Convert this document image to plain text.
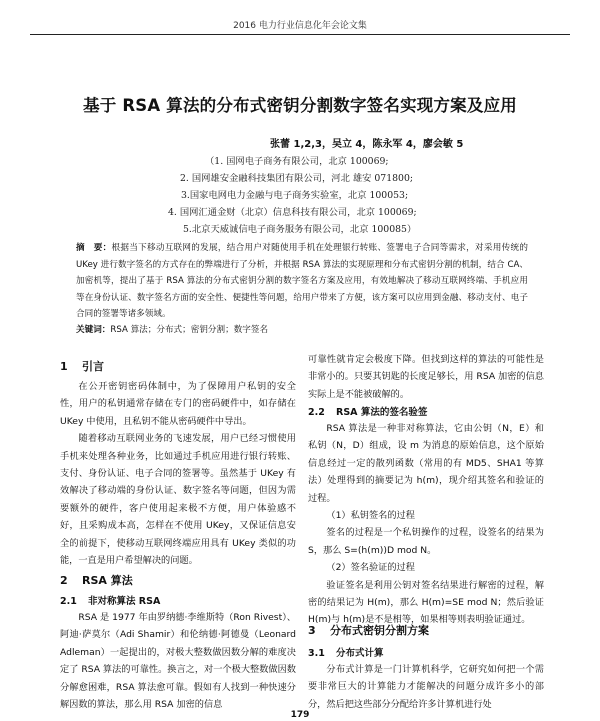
2016 电力行业信息化年会论文集
基于 RSA 算法的分布式密钥分割数字签名实现方案及应用
张蕾 1,2,3，吴立 4，陈永军 4，廖会敏 5
（1. 国网电子商务有限公司，北京 100069;
2. 国网雄安金融科技集团有限公司，河北 雄安 071800;
3.国家电网电力金融与电子商务实验室，北京 100053;
4. 国网汇通金财（北京）信息科技有限公司，北京 100069;
5.北京天威诚信电子商务服务有限公司，北京 100085）
摘　要：根据当下移动互联网的发展，结合用户对随使用手机在处理银行转账、签署电子合同等需求，对采用传统的 UKey 进行数字签名的方式存在的弊端进行了分析，并根据 RSA 算法的实现原理和分布式密钥分割的机制，结合 CA、加密机等，提出了基于 RSA 算法的分布式密钥分割的数字签名方案及应用，有效地解决了移动互联网终端、手机应用等在身份认证、数字签名方面的安全性、便捷性等问题，给用户带来了方便，该方案可以应用到金融、移动支付、电子合同的签署等诸多领域。
关键词：RSA 算法；分布式；密钥分割；数字签名
1 引言

在公开密钥密码体制中，为了保障用户私钥的安全性，用户的私钥通常存储在专门的密码硬件中，如存储在 UKey 中使用，且私钥不能从密码硬件中导出。

随着移动互联网业务的飞速发展，用户已经习惯使用手机来处理各种业务，比如通过手机应用进行银行转账、支付、身份认证、电子合同的签署等。虽然基于 UKey 有效解决了移动端的身份认证、数字签名等问题，但因为需要额外的硬件，客户使用起来极不方便，用户体验感不好，且采购成本高，怎样在不使用 UKey，又保证信息安全的前提下，使移动互联网终端应用具有 UKey 类似的功能，一直是用户希望解决的问题。

2 RSA 算法
2.1 非对称算法 RSA

RSA 是 1977 年由罗纳德·李维斯特（Ron Rivest）、阿迪·萨莫尔（Adi Shamir）和伦纳德·阿德曼（Leonard Adleman）一起提出的，对极大整数做因数分解的难度决定了 RSA 算法的可靠性。换言之，对一个极大整数做因数分解愈困难，RSA 算法愈可靠。假如有人找到一种快速分解因数的算法，那么用 RSA 加密的信息

可靠性就肯定会极度下降。但找到这样的算法的可能性是非常小的。只要其钥匙的长度足够长，用 RSA 加密的信息实际上是不能被破解的。

2.2 RSA 算法的签名验签

RSA 算法是一种非对称算法，它由公钥（N，E）和私钥（N，D）组成，设 m 为消息的原始信息，这个原始信息经过一定的散列函数（常用的有 MD5、SHA1 等算法）处理得到的摘要记为 h(m)，现介绍其签名和验证的过程。

（1）私钥签名的过程

签名的过程是一个私钥操作的过程，设签名的结果为 S，那么 S=(h(m))D mod N。

（2）签名验证的过程

验证签名是利用公钥对签名结果进行解密的过程，解密的结果记为 H(m)，那么 H(m)=SE mod N；然后验证 H(m)与 h(m)是不是相等，如果相等则表明验证通过。

3 分布式密钥分割方案
3.1 分布式计算

分布式计算是一门计算机科学，它研究如何把一个需要非常巨大的计算能力才能解决的问题分成许多小的部分，然后把这些部分分配给许多计算机进行处

179
